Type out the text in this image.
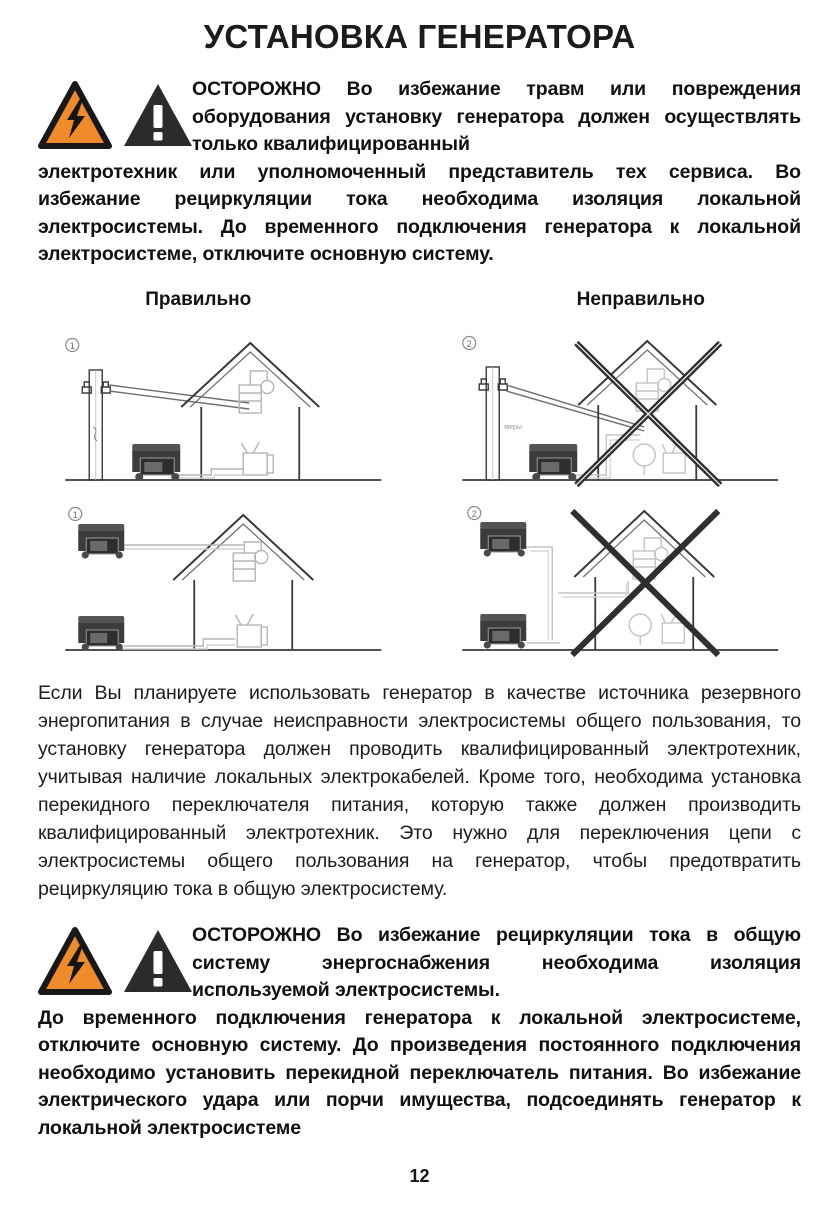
УСТАНОВКА ГЕНЕРАТОРА
ОСТОРОЖНО Во избежание травм или повреждения оборудования установку генератора должен осуществлять только квалифицированный
электротехник или уполномоченный представитель тех сервиса. Во избежание рециркуляции тока необходима изоляция локальной электросистемы. До временного подключения генератора к локальной электросистеме, отключите основную систему.
Правильно	Неправильно
1	2
меры
1	2

Если Вы планируете использовать генератор в качестве источника резервного энергопитания в случае неисправности электросистемы общего пользования, то установку генератора должен проводить квалифицированный электротехник, учитывая наличие локальных электрокабелей. Кроме того, необходима установка перекидного переключателя питания, которую также должен производить квалифицированный электротехник. Это нужно для переключения цепи с электросистемы общего пользования на генератор, чтобы предотвратить рециркуляцию тока в общую электросистему.

ОСТОРОЖНО Во избежание рециркуляции тока в общую систему энергоснабжения необходима изоляция используемой электросистемы.
До временного подключения генератора к локальной электросистеме, отключите основную систему. До произведения постоянного подключения необходимо установить перекидной переключатель питания. Во избежание электрического удара или порчи имущества, подсоединять генератор к локальной электросистеме
12
